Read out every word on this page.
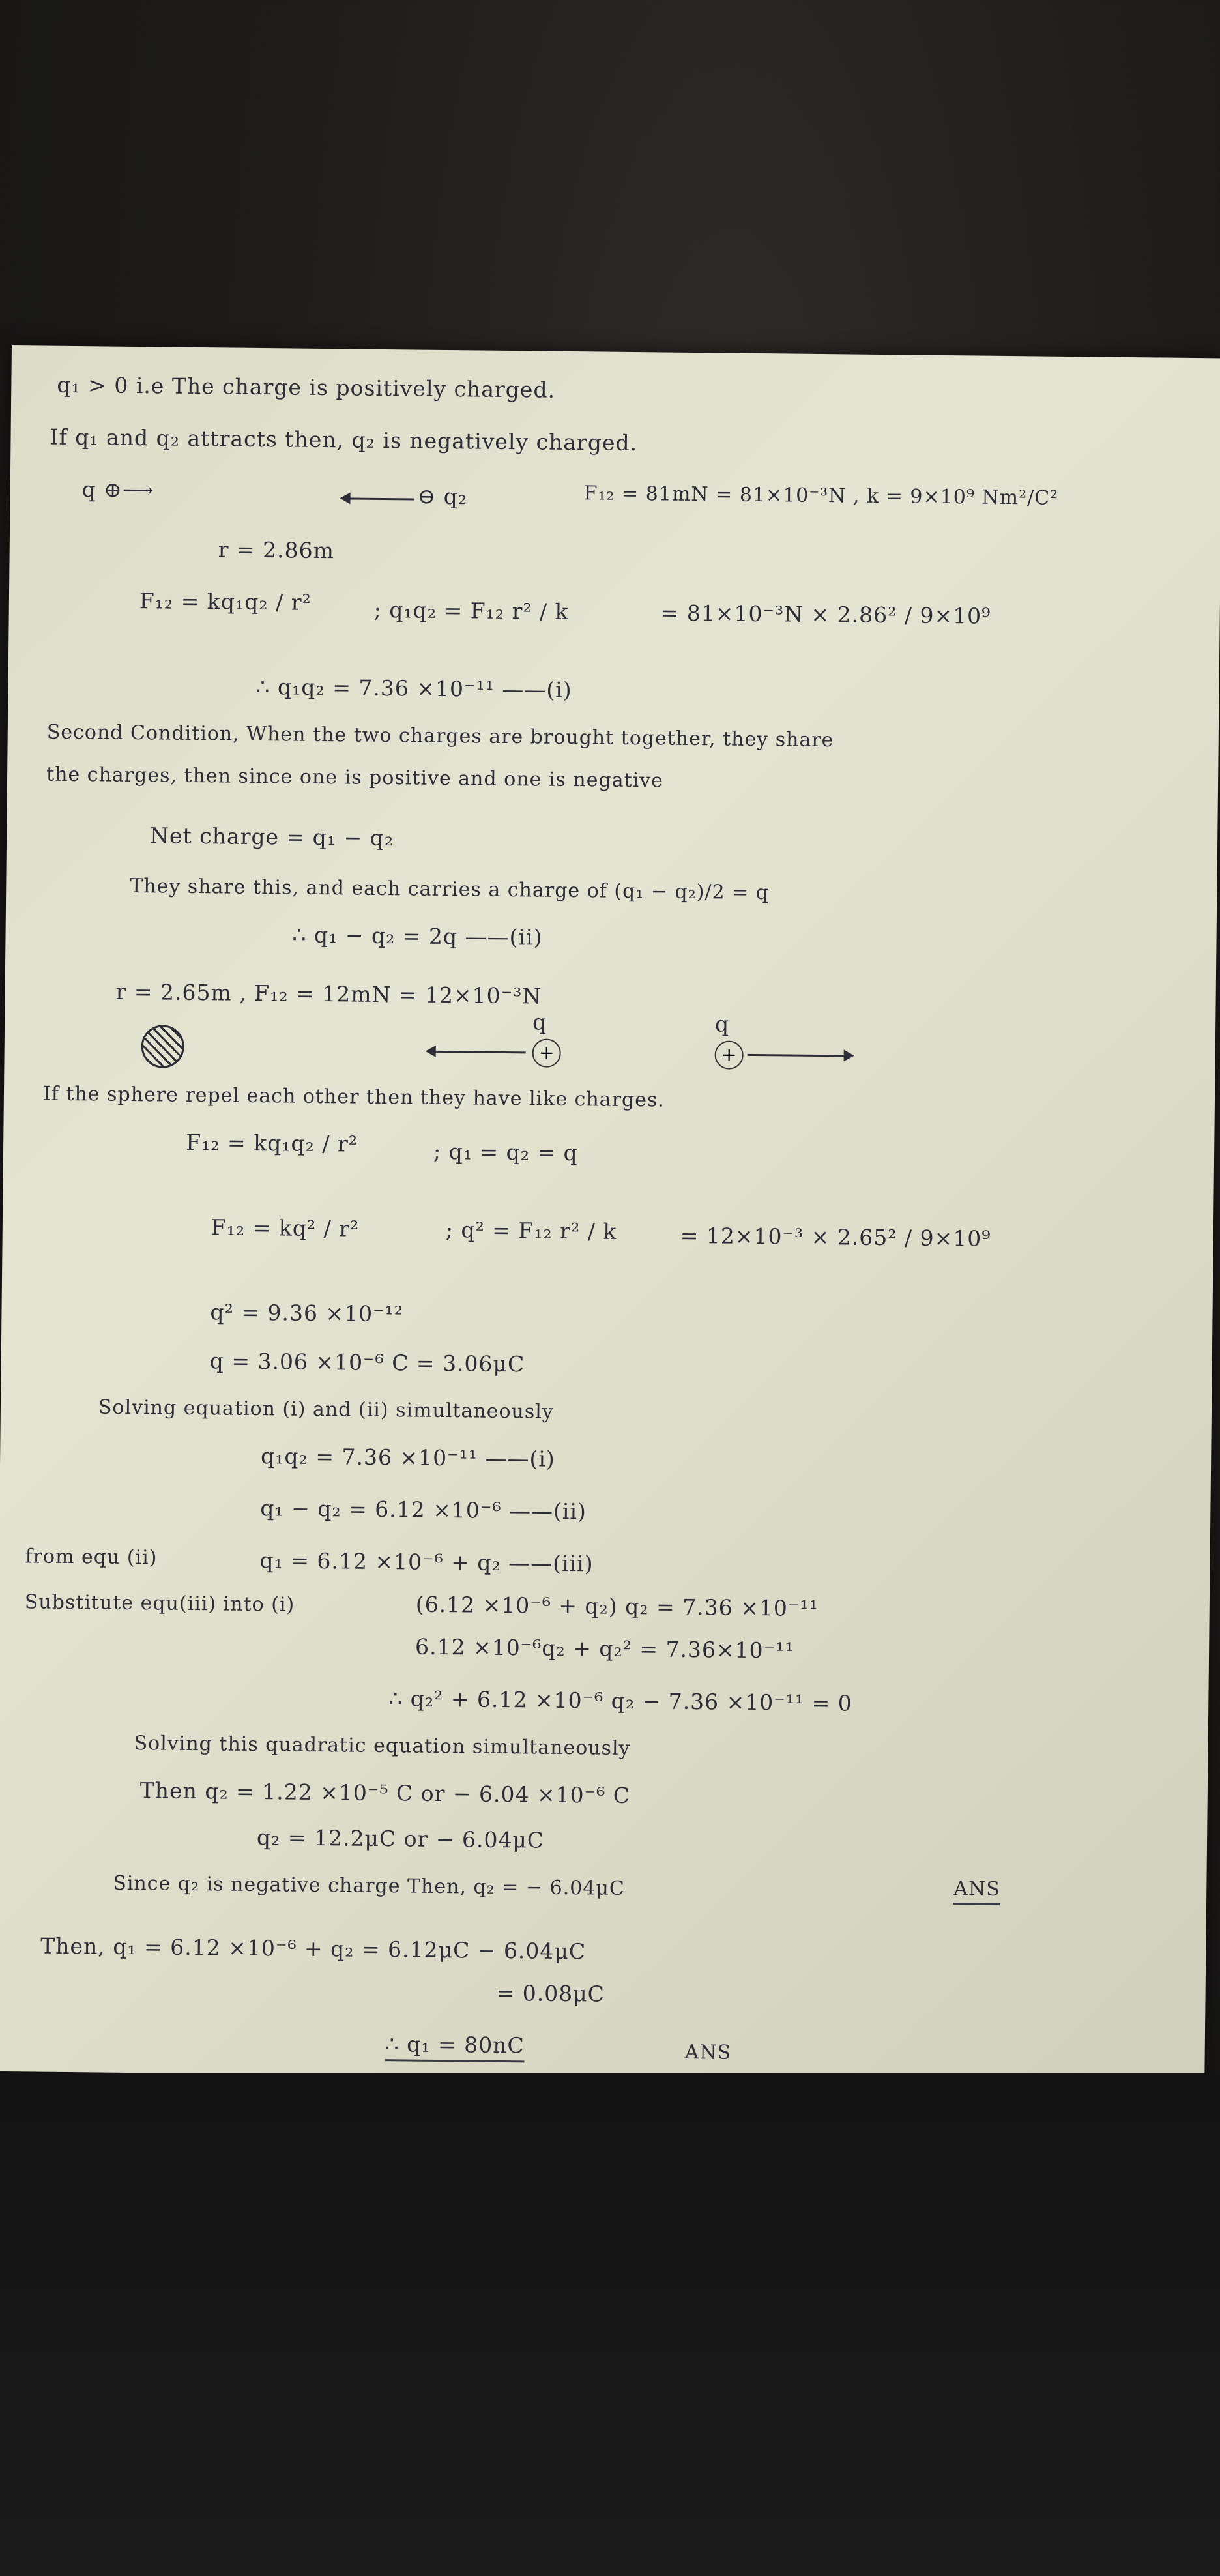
q₁ > 0 i.e The charge is positively charged.
If q₁ and q₂ attracts then, q₂ is negatively charged.
q ⊕⟶	⊖ q₂	F₁₂ = 81mN = 81×10⁻³N , k = 9×10⁹ Nm²/C²
r = 2.86m
F₁₂ = kq₁q₂ / r²	; q₁q₂ = F₁₂ r² / k	= 81×10⁻³N × 2.86² / 9×10⁹
∴ q₁q₂ = 7.36 ×10⁻¹¹ ——(i)
Second Condition, When the two charges are brought together, they share
the charges, then since one is positive and one is negative
Net charge = q₁ − q₂
They share this, and each carries a charge of (q₁ − q₂)/2 = q
∴ q₁ − q₂ = 2q ——(ii)
r = 2.65m , F₁₂ = 12mN = 12×10⁻³N
q	q
+	+
If the sphere repel each other then they have like charges.
F₁₂ = kq₁q₂ / r²	; q₁ = q₂ = q
F₁₂ = kq² / r²	; q² = F₁₂ r² / k	= 12×10⁻³ × 2.65² / 9×10⁹
q² = 9.36 ×10⁻¹²
q = 3.06 ×10⁻⁶ C = 3.06μC
Solving equation (i) and (ii) simultaneously
q₁q₂ = 7.36 ×10⁻¹¹ ——(i)
q₁ − q₂ = 6.12 ×10⁻⁶ ——(ii)
from equ (ii)	q₁ = 6.12 ×10⁻⁶ + q₂ ——(iii)
Substitute equ(iii) into (i)	(6.12 ×10⁻⁶ + q₂) q₂ = 7.36 ×10⁻¹¹
6.12 ×10⁻⁶q₂ + q₂² = 7.36×10⁻¹¹
∴ q₂² + 6.12 ×10⁻⁶ q₂ − 7.36 ×10⁻¹¹ = 0
Solving this quadratic equation simultaneously
Then q₂ = 1.22 ×10⁻⁵ C or − 6.04 ×10⁻⁶ C
q₂ = 12.2μC or − 6.04μC
Since q₂ is negative charge Then, q₂ = − 6.04μC	ANS
Then, q₁ = 6.12 ×10⁻⁶ + q₂ = 6.12μC − 6.04μC
= 0.08μC
∴ q₁ = 80nC	ANS
